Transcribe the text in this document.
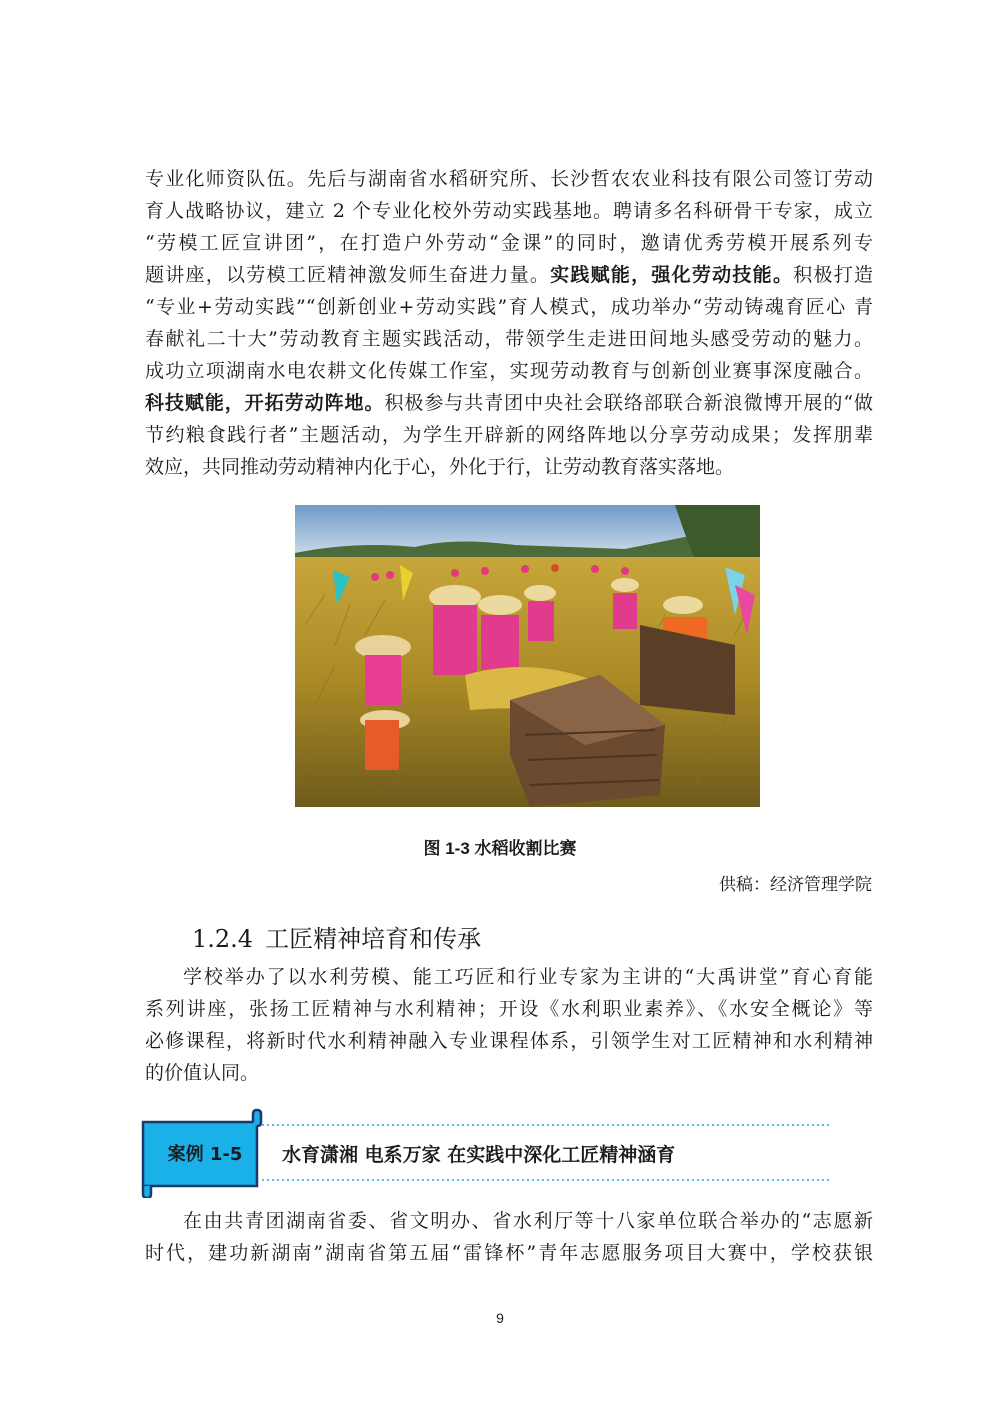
专业化师资队伍。先后与湖南省水稻研究所、长沙哲农农业科技有限公司签订劳动
育人战略协议，建立 2 个专业化校外劳动实践基地。聘请多名科研骨干专家，成立
“劳模工匠宣讲团”，在打造户外劳动“金课”的同时，邀请优秀劳模开展系列专
题讲座，以劳模工匠精神激发师生奋进力量。实践赋能，强化劳动技能。积极打造
“专业+劳动实践”“创新创业+劳动实践”育人模式，成功举办“劳动铸魂育匠心 青
春献礼二十大”劳动教育主题实践活动，带领学生走进田间地头感受劳动的魅力。
成功立项湖南水电农耕文化传媒工作室，实现劳动教育与创新创业赛事深度融合。
科技赋能，开拓劳动阵地。积极参与共青团中央社会联络部联合新浪微博开展的“做
节约粮食践行者”主题活动，为学生开辟新的网络阵地以分享劳动成果；发挥朋辈
效应，共同推动劳动精神内化于心，外化于行，让劳动教育落实落地。
图 1-3 水稻收割比赛
供稿：经济管理学院
1.2.4 工匠精神培育和传承
学校举办了以水利劳模、能工巧匠和行业专家为主讲的“大禹讲堂”育心育能
系列讲座，张扬工匠精神与水利精神；开设《水利职业素养》、《水安全概论》等
必修课程，将新时代水利精神融入专业课程体系，引领学生对工匠精神和水利精神
的价值认同。
案例 1-5	水育潇湘 电系万家 在实践中深化工匠精神涵育
在由共青团湖南省委、省文明办、省水利厅等十八家单位联合举办的“志愿新
时代，建功新湖南”湖南省第五届“雷锋杯”青年志愿服务项目大赛中，学校获银
9
